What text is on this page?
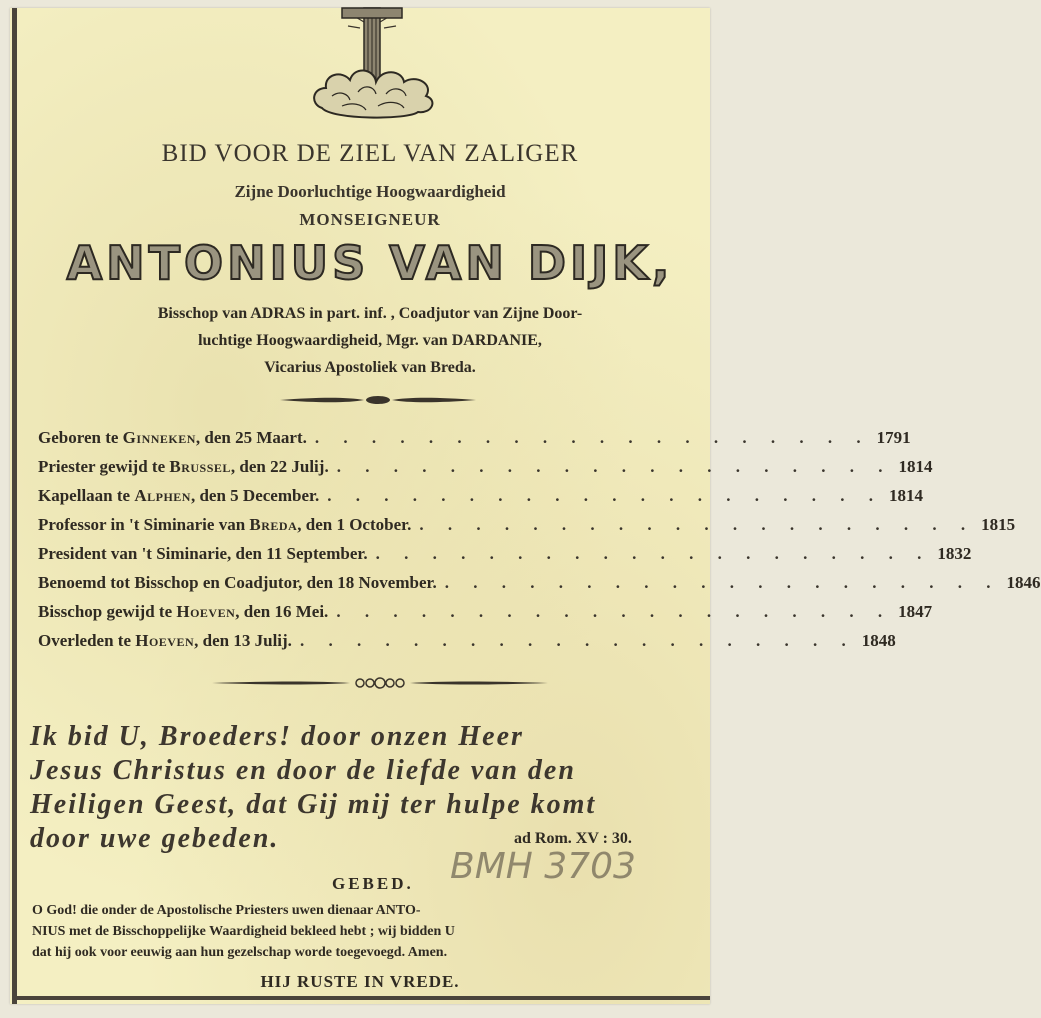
BID VOOR DE ZIEL VAN ZALIGER
Zijne Doorluchtige Hoogwaardigheid
MONSEIGNEUR
ANTONIUS VAN DIJK,
Bisschop van ADRAS in part. inf. , Coadjutor van Zijne Door-
luchtige Hoogwaardigheid, Mgr. van DARDANIE,
Vicarius Apostoliek van Breda.
Geboren te Ginneken, den 25 Maart. . . . . . . . . . . . . . . . . . . . . 1791
Priester gewijd te Brussel, den 22 Julij. . . . . . . . . . . . . . . . . . . . . 1814
Kapellaan te Alphen, den 5 December. . . . . . . . . . . . . . . . . . . . . 1814
Professor in 't Siminarie van Breda, den 1 October. . . . . . . . . . . . . . . . . . . . . 1815
President van 't Siminarie, den 11 September. . . . . . . . . . . . . . . . . . . . . 1832
Benoemd tot Bisschop en Coadjutor, den 18 November. . . . . . . . . . . . . . . . . . . . . 1846
Bisschop gewijd te Hoeven, den 16 Mei. . . . . . . . . . . . . . . . . . . . . 1847
Overleden te Hoeven, den 13 Julij. . . . . . . . . . . . . . . . . . . . . 1848
Ik bid U, Broeders! door onzen Heer
Jesus Christus en door de liefde van den
Heiligen Geest, dat Gij mij ter hulpe komt
door uwe gebeden.	ad Rom. XV : 30.
BMH 3703
GEBED.
O God! die onder de Apostolische Priesters uwen dienaar ANTO-
NIUS met de Bisschoppelijke Waardigheid bekleed hebt ; wij bidden U
dat hij ook voor eeuwig aan hun gezelschap worde toegevoegd. Amen.
HIJ RUSTE IN VREDE.
